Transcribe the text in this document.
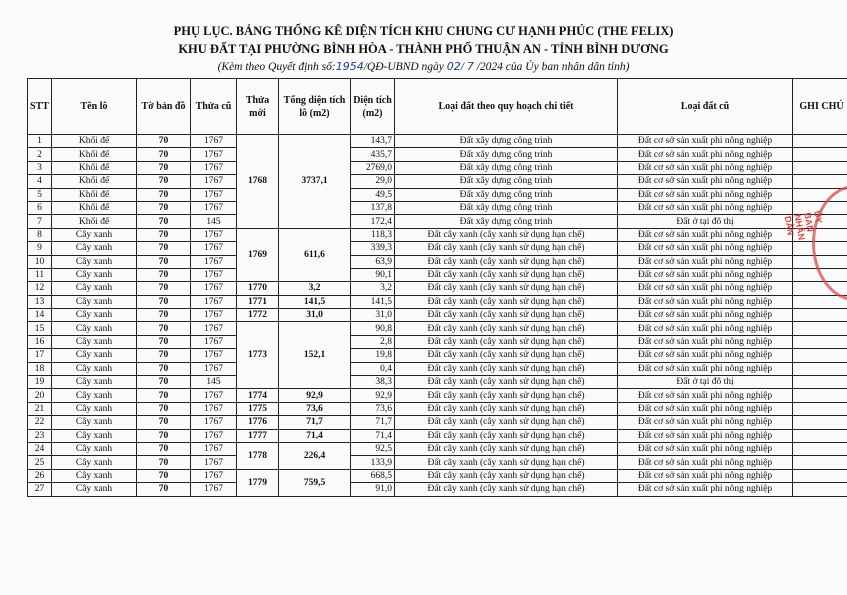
PHỤ LỤC. BẢNG THỐNG KÊ DIỆN TÍCH KHU CHUNG CƯ HẠNH PHÚC (THE FELIX)
KHU ĐẤT TẠI PHƯỜNG BÌNH HÒA - THÀNH PHỐ THUẬN AN - TỈNH BÌNH DƯƠNG
(Kèm theo Quyết định số:1954/QĐ-UBND ngày 02/ 7 /2024 của Ủy ban nhân dân tỉnh)
STT	Tên lô	Tờ bản đồ	Thửa cũ	Thửa mới	Tổng diện tích lô (m2)	Diện tích (m2)	Loại đất theo quy hoạch chi tiết	Loại đất cũ	GHI CHÚ
1	Khối đế	70	1767	1768	3737,1	143,7	Đất xây dựng công trình	Đất cơ sở sản xuất phi nông nghiệp	
2	Khối đế	70	1767			435,7	Đất xây dựng công trình	Đất cơ sở sản xuất phi nông nghiệp	
3	Khối đế	70	1767			2769,0	Đất xây dựng công trình	Đất cơ sở sản xuất phi nông nghiệp	
4	Khối đế	70	1767			29,0	Đất xây dựng công trình	Đất cơ sở sản xuất phi nông nghiệp	
5	Khối đế	70	1767			49,5	Đất xây dựng công trình	Đất cơ sở sản xuất phi nông nghiệp	
6	Khối đế	70	1767			137,8	Đất xây dựng công trình	Đất cơ sở sản xuất phi nông nghiệp	
7	Khối đế	70	145			172,4	Đất xây dựng công trình	Đất ở tại đô thị	
8	Cây xanh	70	1767	1769	611,6	118,3	Đất cây xanh (cây xanh sử dụng hạn chế)	Đất cơ sở sản xuất phi nông nghiệp	
9	Cây xanh	70	1767			339,3	Đất cây xanh (cây xanh sử dụng hạn chế)	Đất cơ sở sản xuất phi nông nghiệp	
10	Cây xanh	70	1767			63,9	Đất cây xanh (cây xanh sử dụng hạn chế)	Đất cơ sở sản xuất phi nông nghiệp	
11	Cây xanh	70	1767			90,1	Đất cây xanh (cây xanh sử dụng hạn chế)	Đất cơ sở sản xuất phi nông nghiệp	
12	Cây xanh	70	1767	1770	3,2	3,2	Đất cây xanh (cây xanh sử dụng hạn chế)	Đất cơ sở sản xuất phi nông nghiệp	
13	Cây xanh	70	1767	1771	141,5	141,5	Đất cây xanh (cây xanh sử dụng hạn chế)	Đất cơ sở sản xuất phi nông nghiệp	
14	Cây xanh	70	1767	1772	31,0	31,0	Đất cây xanh (cây xanh sử dụng hạn chế)	Đất cơ sở sản xuất phi nông nghiệp	
15	Cây xanh	70	1767	1773	152,1	90,8	Đất cây xanh (cây xanh sử dụng hạn chế)	Đất cơ sở sản xuất phi nông nghiệp	
16	Cây xanh	70	1767			2,8	Đất cây xanh (cây xanh sử dụng hạn chế)	Đất cơ sở sản xuất phi nông nghiệp	
17	Cây xanh	70	1767			19,8	Đất cây xanh (cây xanh sử dụng hạn chế)	Đất cơ sở sản xuất phi nông nghiệp	
18	Cây xanh	70	1767			0,4	Đất cây xanh (cây xanh sử dụng hạn chế)	Đất cơ sở sản xuất phi nông nghiệp	
19	Cây xanh	70	145			38,3	Đất cây xanh (cây xanh sử dụng hạn chế)	Đất ở tại đô thị	
20	Cây xanh	70	1767	1774	92,9	92,9	Đất cây xanh (cây xanh sử dụng hạn chế)	Đất cơ sở sản xuất phi nông nghiệp	
21	Cây xanh	70	1767	1775	73,6	73,6	Đất cây xanh (cây xanh sử dụng hạn chế)	Đất cơ sở sản xuất phi nông nghiệp	
22	Cây xanh	70	1767	1776	71,7	71,7	Đất cây xanh (cây xanh sử dụng hạn chế)	Đất cơ sở sản xuất phi nông nghiệp	
23	Cây xanh	70	1767	1777	71,4	71,4	Đất cây xanh (cây xanh sử dụng hạn chế)	Đất cơ sở sản xuất phi nông nghiệp	
24	Cây xanh	70	1767	1778	226,4	92,5	Đất cây xanh (cây xanh sử dụng hạn chế)	Đất cơ sở sản xuất phi nông nghiệp	
25	Cây xanh	70	1767			133,9	Đất cây xanh (cây xanh sử dụng hạn chế)	Đất cơ sở sản xuất phi nông nghiệp	
26	Cây xanh	70	1767	1779	759,5	668,5	Đất cây xanh (cây xanh sử dụng hạn chế)	Đất cơ sở sản xuất phi nông nghiệp	
27	Cây xanh	70	1767			91,0	Đất cây xanh (cây xanh sử dụng hạn chế)	Đất cơ sở sản xuất phi nông nghiệp	
ỦY BAN NHÂN DÂN
